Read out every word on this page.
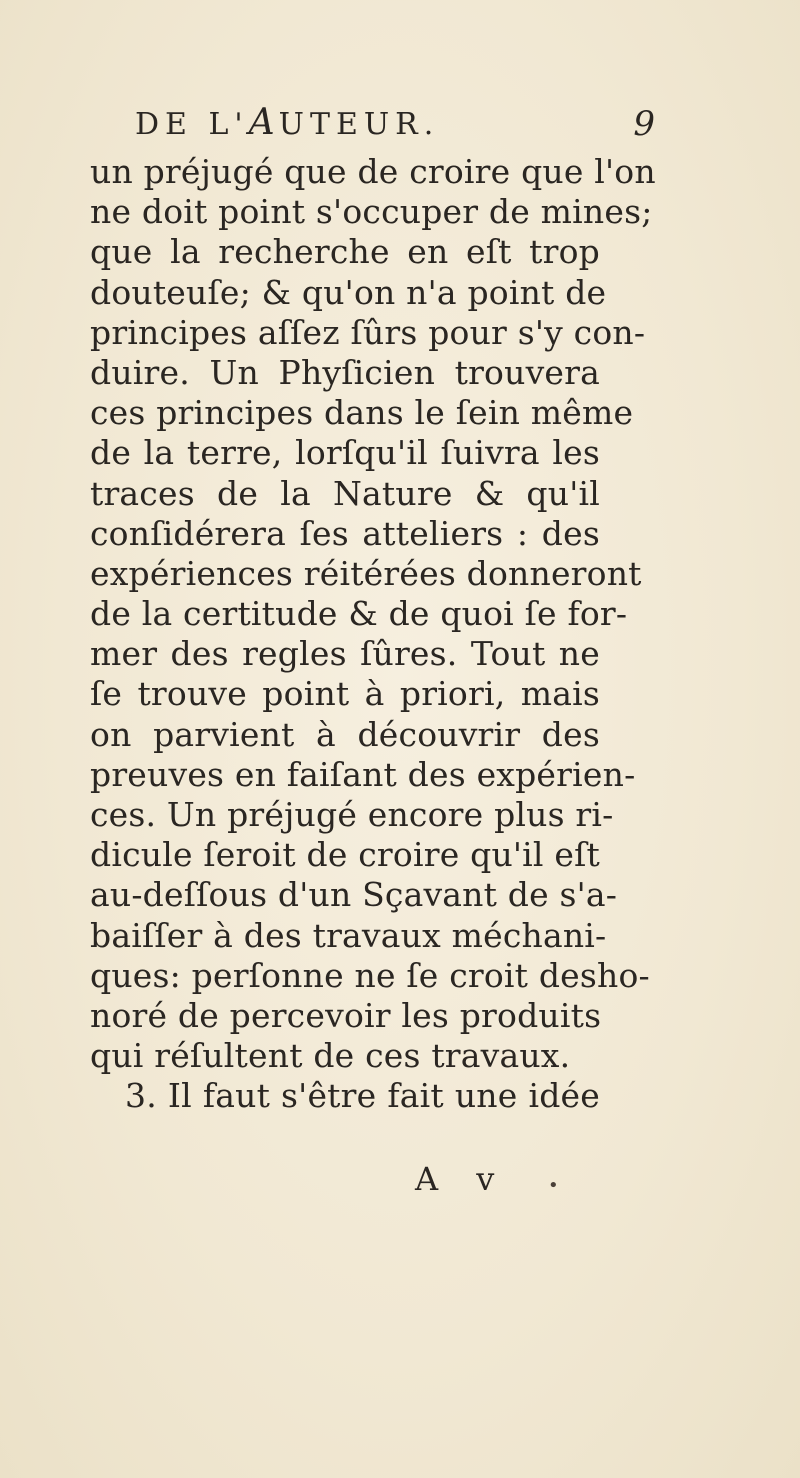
DE L'AUTEUR.	9
un préjugé que de croire que l'on
ne doit point s'occuper de mines;
que la recherche en eſt trop
douteuſe; & qu'on n'a point de
principes aſſez ſûrs pour s'y con-
duire. Un Phyſicien trouvera
ces principes dans le ſein même
de la terre, lorſqu'il ſuivra les
traces de la Nature & qu'il
conſidérera ſes atteliers : des
expériences réitérées donneront
de la certitude & de quoi ſe for-
mer des regles ſûres. Tout ne
ſe trouve point à priori, mais
on parvient à découvrir des
preuves en faiſant des expérien-
ces. Un préjugé encore plus ri-
dicule ſeroit de croire qu'il eſt
au-deſſous d'un Sçavant de s'a-
baiſſer à des travaux méchani-
ques: perſonne ne ſe croit desho-
noré de percevoir les produits
qui réſultent de ces travaux.
3. Il faut s'être fait une idée
A v •
